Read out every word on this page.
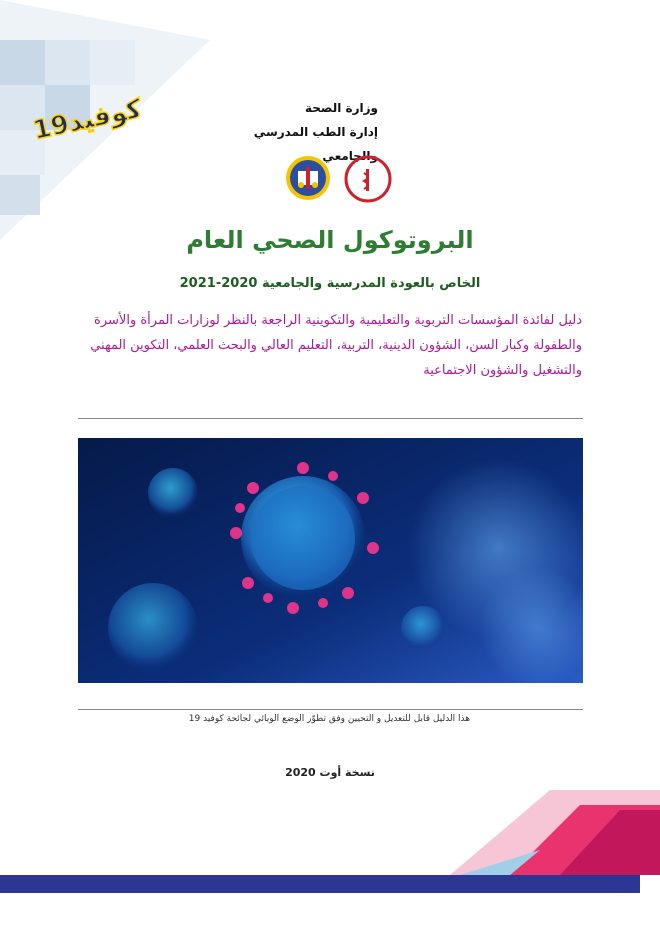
كوفيد19	وزارة الصحة
إدارة الطب المدرسي والجامعي
البروتوكول الصحي العام
الخاص بالعودة المدرسية والجامعية 2020-2021
دليل لفائدة المؤسسات التربوية والتعليمية والتكوينية الراجعة بالنظر لوزارات المرأة والأسرة والطفولة وكبار السن، الشؤون الدينية، التربية، التعليم العالي والبحث العلمي، التكوين المهني والتشغيل والشؤون الاجتماعية
هذا الدليل قابل للتعديل و التحيين وفق تطوّر الوضع الوبائي لجائحة كوفيد 19
نسخة أوت 2020
